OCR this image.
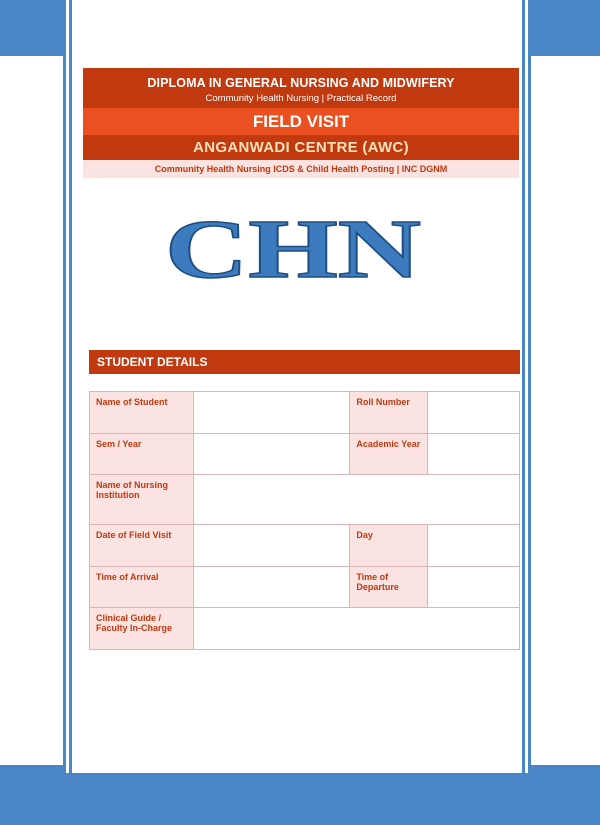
DIPLOMA IN GENERAL NURSING AND MIDWIFERY
Community Health Nursing | Practical Record
FIELD VISIT
ANGANWADI CENTRE (AWC)
Community Health Nursing ICDS & Child Health Posting | INC DGNM
CHN
STUDENT DETAILS
Name of Student		Roll Number	
Sem / Year		Academic Year	
Name of Nursing Institution			
Date of Field Visit		Day	
Time of Arrival		Time of Departure	
Clinical Guide / Faculty In-Charge			
